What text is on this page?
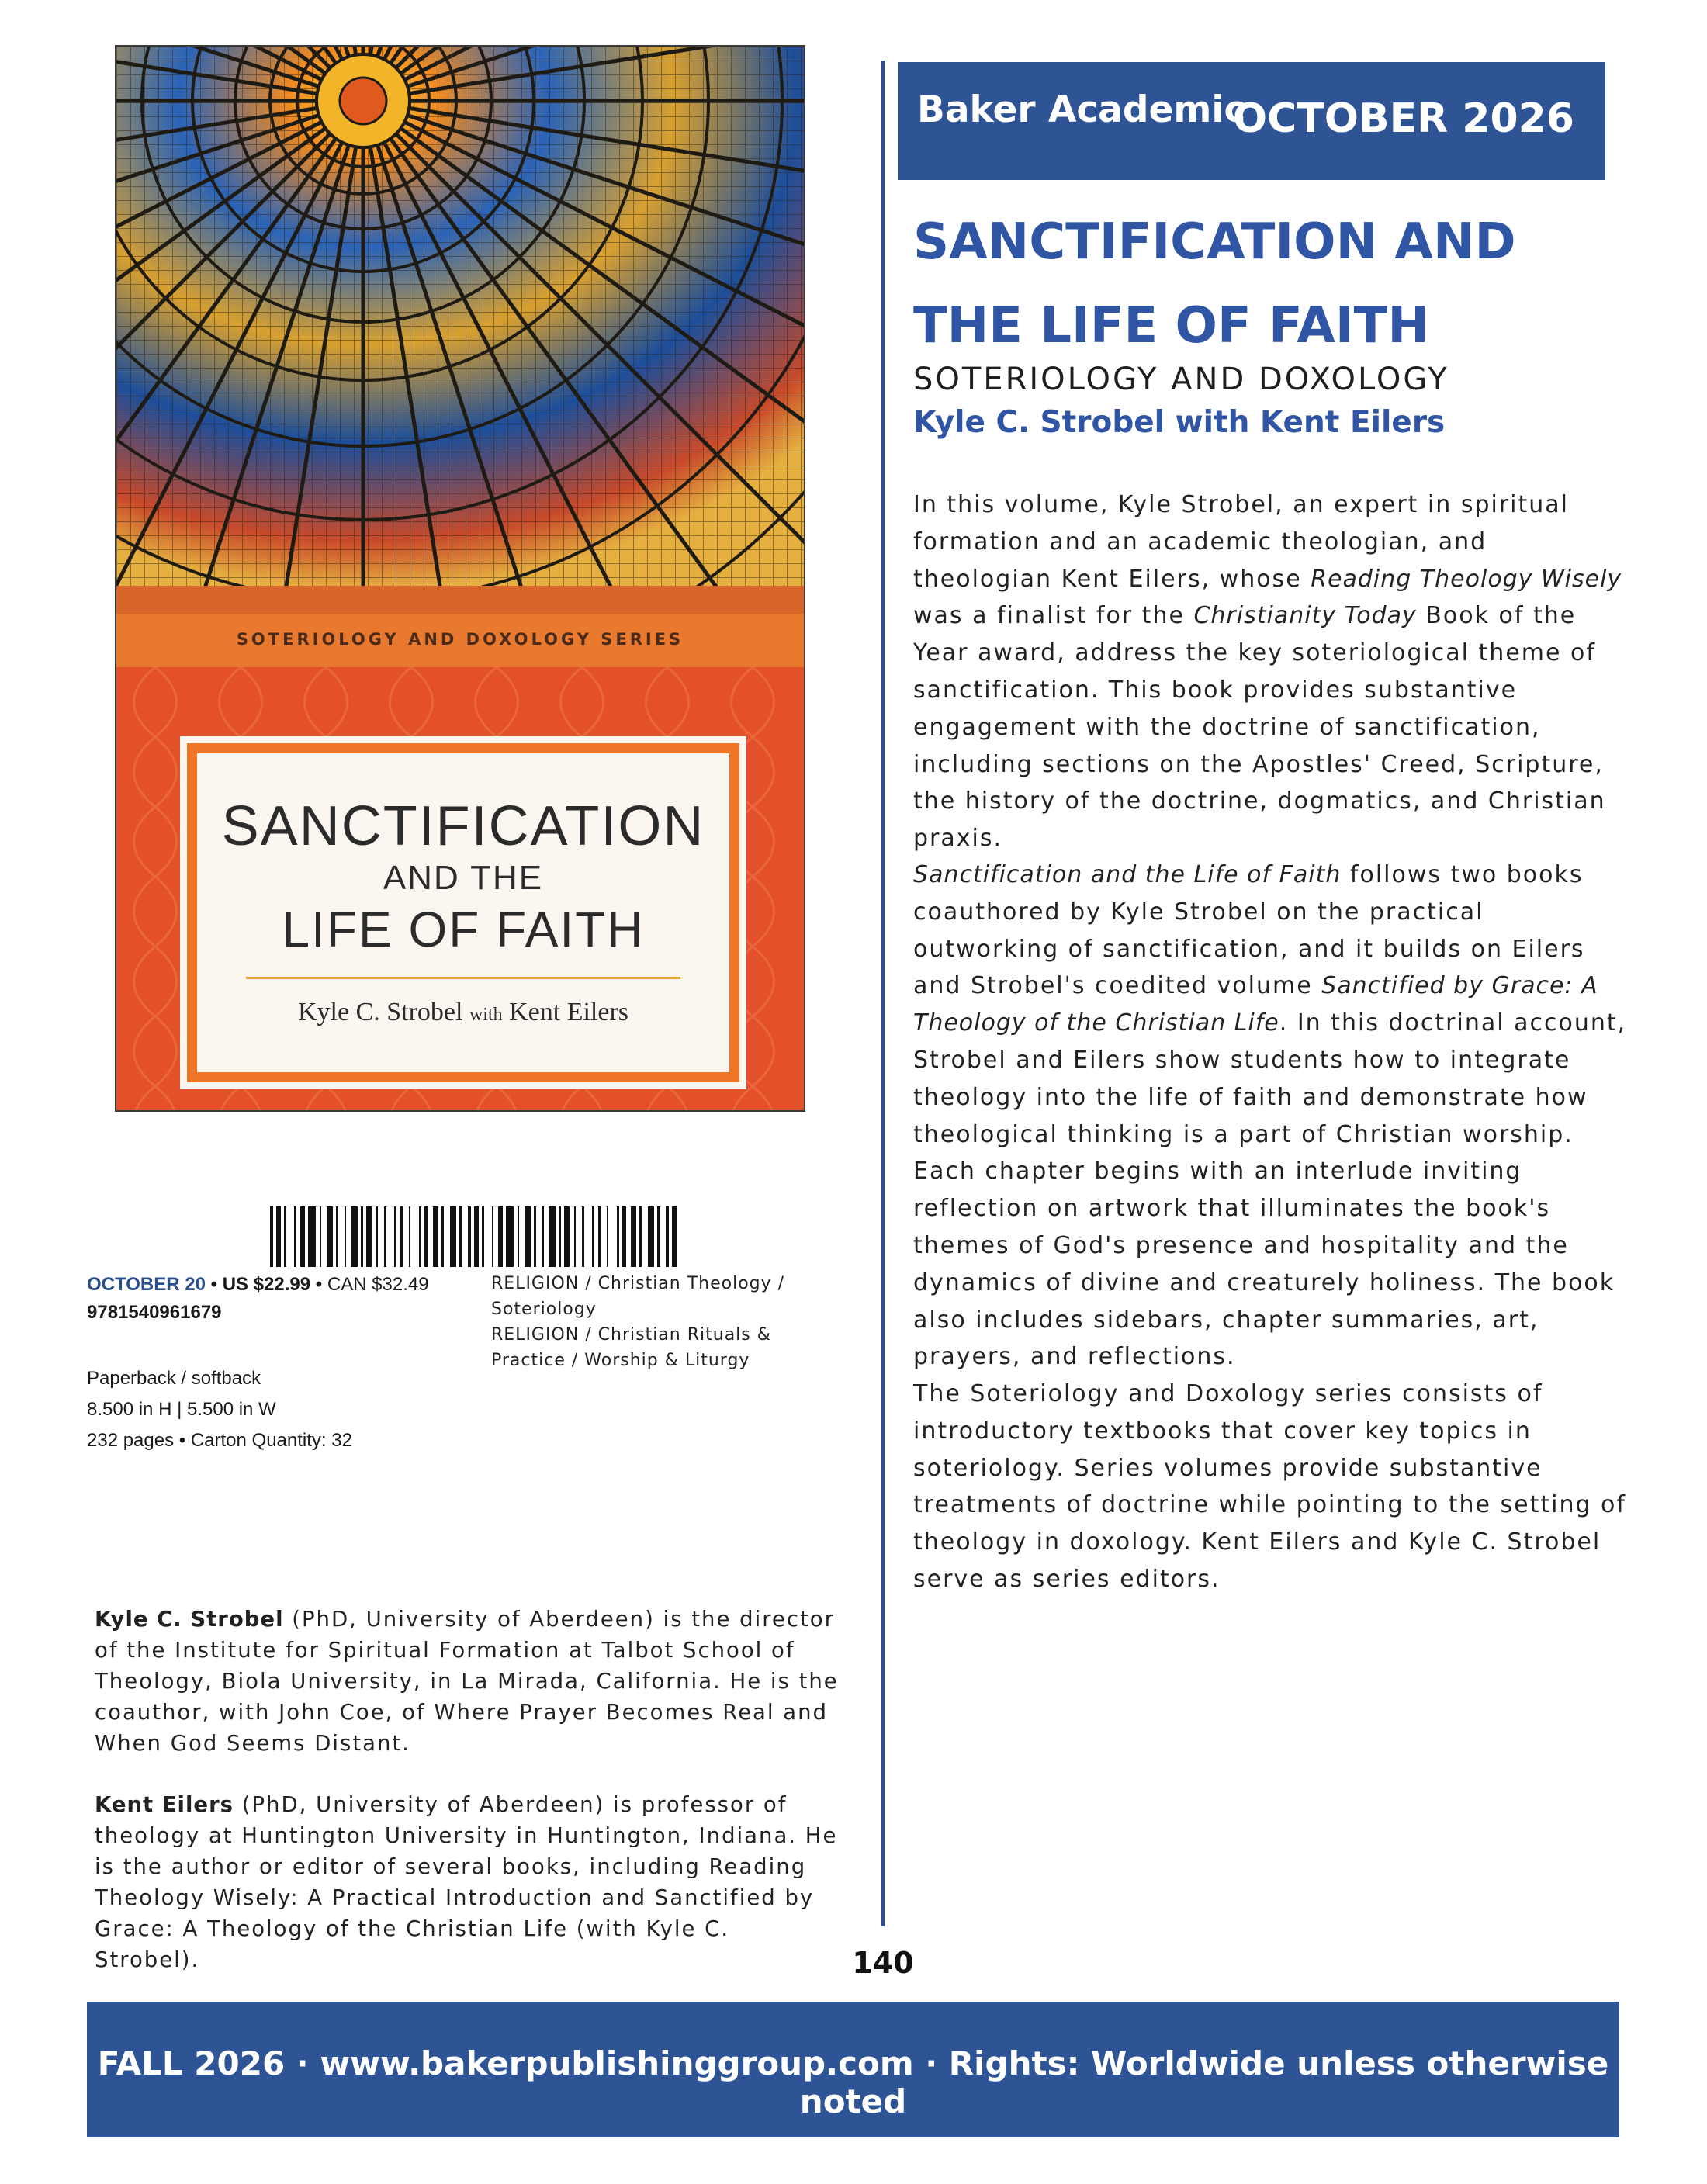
SOTERIOLOGY AND DOXOLOGY SERIES
SANCTIFICATION
AND THE
LIFE OF FAITH
Kyle C. Strobel with Kent Eilers
OCTOBER 20 • US $22.99 • CAN $32.49
9781540961679
RELIGION / Christian Theology / Soteriology
RELIGION / Christian Rituals & Practice / Worship & Liturgy
Paperback / softback
8.500 in H | 5.500 in W
232 pages • Carton Quantity: 32
Kyle C. Strobel (PhD, University of Aberdeen) is the director of the Institute for Spiritual Formation at Talbot School of Theology, Biola University, in La Mirada, California. He is the coauthor, with John Coe, of Where Prayer Becomes Real and When God Seems Distant.
Kent Eilers (PhD, University of Aberdeen) is professor of theology at Huntington University in Huntington, Indiana. He is the author or editor of several books, including Reading Theology Wisely: A Practical Introduction and Sanctified by Grace: A Theology of the Christian Life (with Kyle C. Strobel).
Baker Academic
OCTOBER 2026
SANCTIFICATION AND THE LIFE OF FAITH
SOTERIOLOGY AND DOXOLOGY
Kyle C. Strobel with Kent Eilers
In this volume, Kyle Strobel, an expert in spiritual formation and an academic theologian, and theologian Kent Eilers, whose Reading Theology Wisely was a finalist for the Christianity Today Book of the Year award, address the key soteriological theme of sanctification. This book provides substantive engagement with the doctrine of sanctification, including sections on the Apostles' Creed, Scripture, the history of the doctrine, dogmatics, and Christian praxis.
Sanctification and the Life of Faith follows two books coauthored by Kyle Strobel on the practical outworking of sanctification, and it builds on Eilers and Strobel's coedited volume Sanctified by Grace: A Theology of the Christian Life. In this doctrinal account, Strobel and Eilers show students how to integrate theology into the life of faith and demonstrate how theological thinking is a part of Christian worship. Each chapter begins with an interlude inviting reflection on artwork that illuminates the book's themes of God's presence and hospitality and the dynamics of divine and creaturely holiness. The book also includes sidebars, chapter summaries, art, prayers, and reflections.
The Soteriology and Doxology series consists of introductory textbooks that cover key topics in soteriology. Series volumes provide substantive treatments of doctrine while pointing to the setting of theology in doxology. Kent Eilers and Kyle C. Strobel serve as series editors.
140
FALL 2026 · www.bakerpublishinggroup.com · Rights: Worldwide unless otherwise noted
